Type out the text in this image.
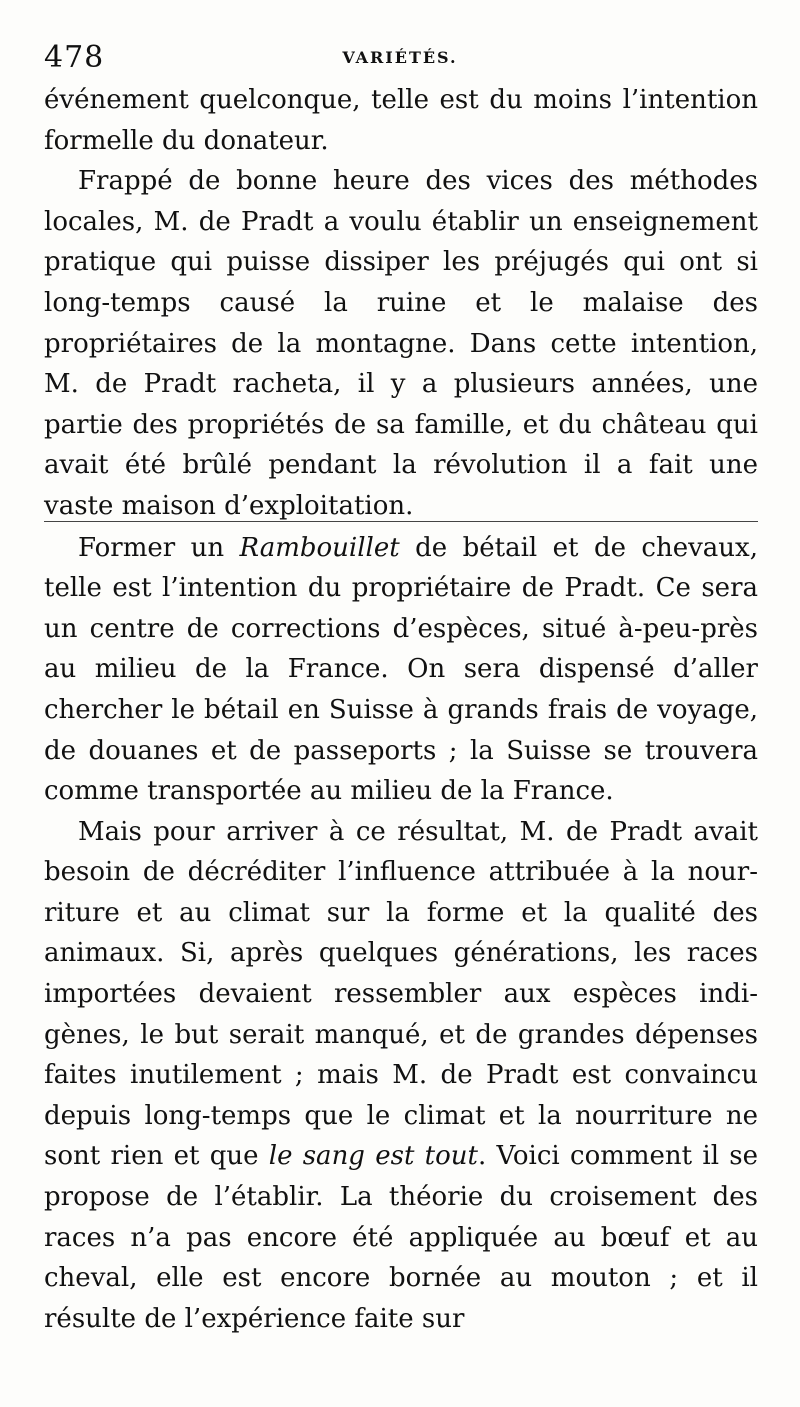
478	VARIÉTÉS.

événement quelconque, telle est du moins l’intention formelle du donateur.

Frappé de bonne heure des vices des méthodes locales, M. de Pradt a voulu établir un enseignement pratique qui puisse dissiper les préjugés qui ont si long-temps causé la ruine et le malaise des propriétaires de la montagne. Dans cette intention, M. de Pradt racheta, il y a plusieurs années, une partie des propriétés de sa famille, et du château qui avait été brûlé pendant la révolution il a fait une vaste maison d’exploitation.

Former un Rambouillet de bétail et de chevaux, telle est l’intention du propriétaire de Pradt. Ce sera un centre de corrections d’espèces, situé à-peu-près au milieu de la France. On sera dispensé d’aller chercher le bétail en Suisse à grands frais de voyage, de douanes et de passeports ; la Suisse se trouvera comme transportée au milieu de la France.

Mais pour arriver à ce résultat, M. de Pradt avait besoin de décréditer l’influence attribuée à la nourriture et au climat sur la forme et la qualité des animaux. Si, après quelques générations, les races importées devaient ressembler aux espèces indigènes, le but serait manqué, et de grandes dépenses faites inutilement ; mais M. de Pradt est convaincu depuis long-temps que le climat et la nourriture ne sont rien et que le sang est tout. Voici comment il se propose de l’établir. La théorie du croisement des races n’a pas encore été appliquée au bœuf et au cheval, elle est encore bornée au mouton ; et il résulte de l’expérience faite sur
